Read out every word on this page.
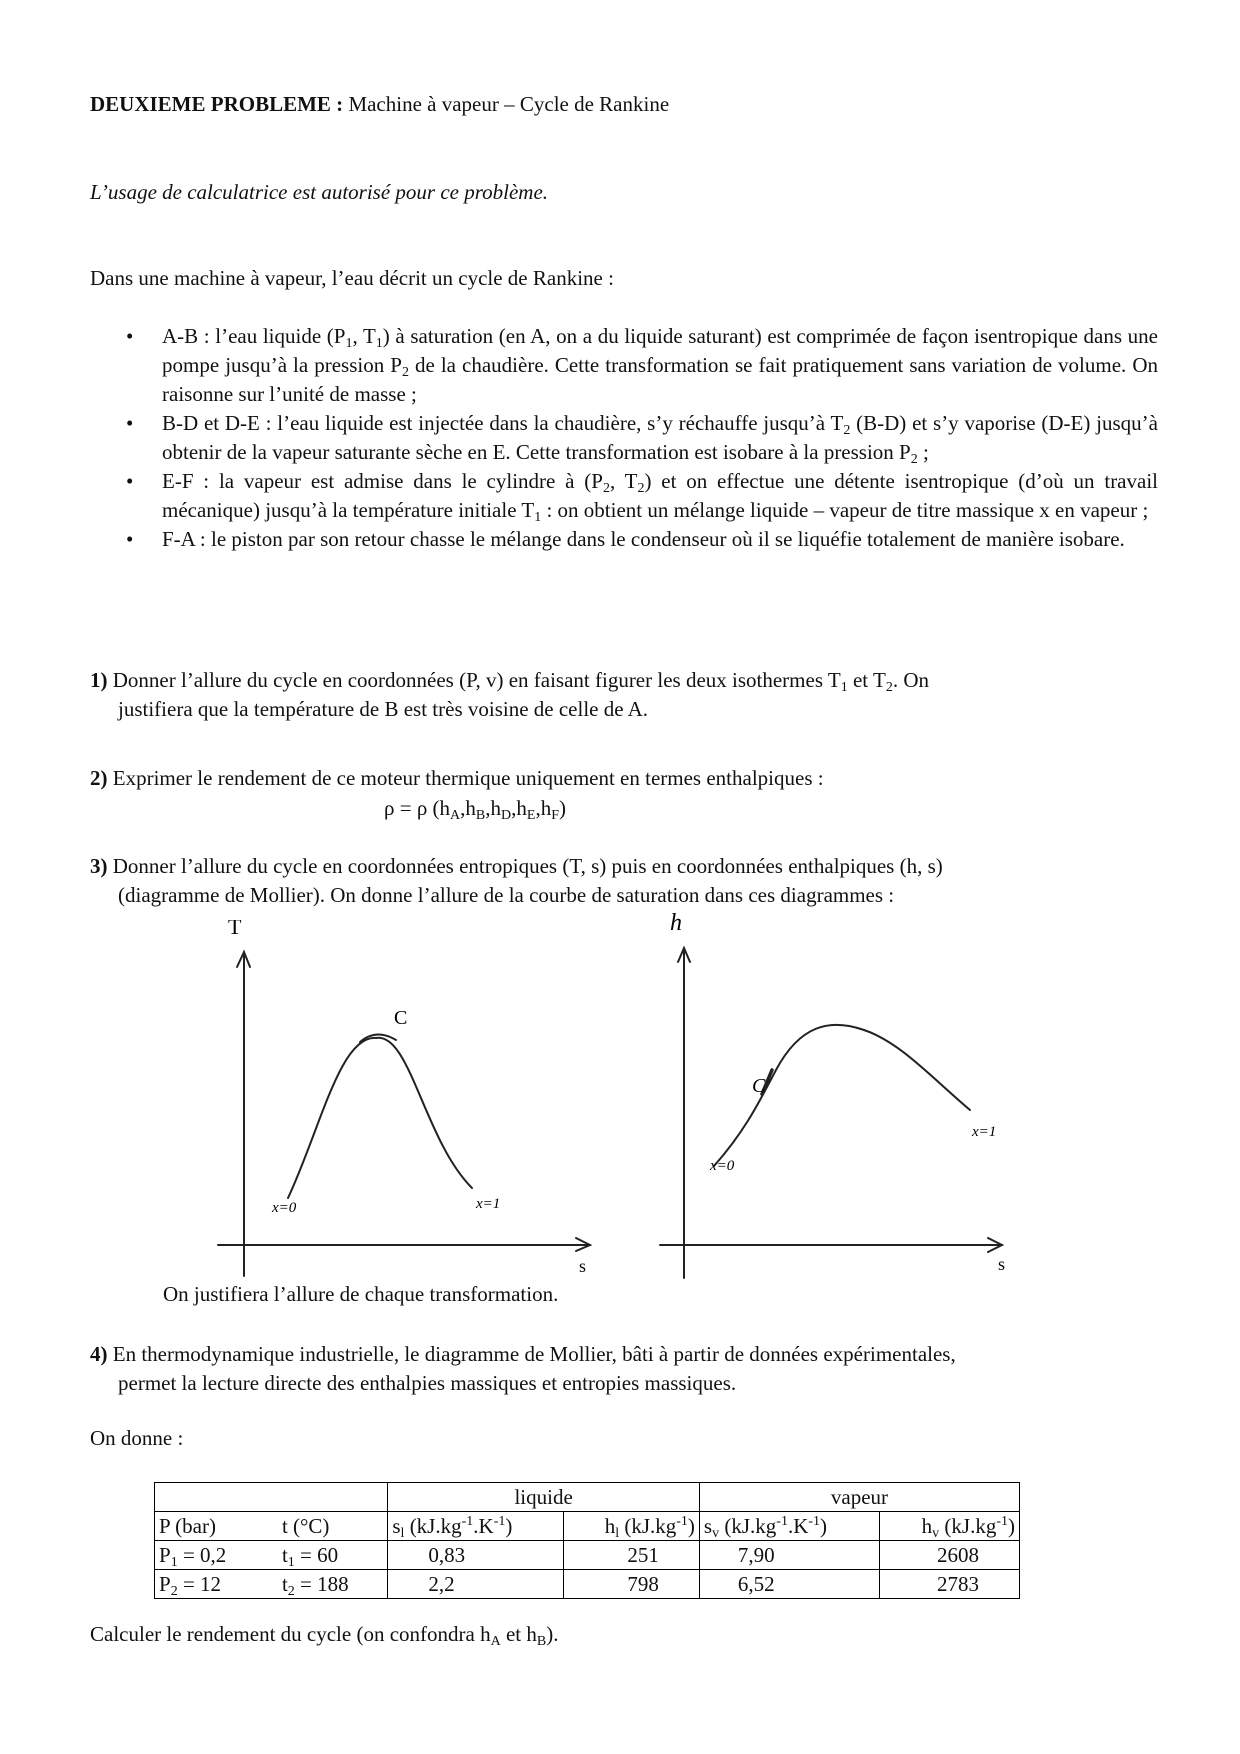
DEUXIEME PROBLEME : Machine à vapeur – Cycle de Rankine
L’usage de calculatrice est autorisé pour ce problème.
Dans une machine à vapeur, l’eau décrit un cycle de Rankine :
• A-B : l’eau liquide ($P_1$, $T_1$) à saturation (en A, on a du liquide saturant) est comprimée de façon isentropique dans une pompe jusqu’à la pression $P_2$ de la chaudière. Cette transformation se fait pratiquement sans variation de volume. On raisonne sur l’unité de masse ;
• B-D et D-E : l’eau liquide est injectée dans la chaudière, s’y réchauffe jusqu’à $T_2$ (B-D) et s’y vaporise (D-E) jusqu’à obtenir de la vapeur saturante sèche en E. Cette transformation est isobare à la pression $P_2$ ;
• E-F : la vapeur est admise dans le cylindre à ($P_2$, $T_2$) et on effectue une détente isentropique (d’où un travail mécanique) jusqu’à la température initiale $T_1$ : on obtient un mélange liquide – vapeur de titre massique x en vapeur ;
• F-A : le piston par son retour chasse le mélange dans le condenseur où il se liquéfie totalement de manière isobare.
1) Donner l’allure du cycle en coordonnées (P, v) en faisant figurer les deux isothermes $T_1$ et $T_2$. On
justifiera que la température de B est très voisine de celle de A.
2) Exprimer le rendement de ce moteur thermique uniquement en termes enthalpiques :
ρ = ρ $(h_A,h_B,h_D,h_E,h_F)$
3) Donner l’allure du cycle en coordonnées entropiques (T, s) puis en coordonnées enthalpiques (h, s)
(diagramme de Mollier). On donne l’allure de la courbe de saturation dans ces diagrammes :
T
s
C
x=0	x=1
h
s
C
x=0
x=1
On justifiera l’allure de chaque transformation.
4) En thermodynamique industrielle, le diagramme de Mollier, bâti à partir de données expérimentales,
permet la lecture directe des enthalpies massiques et entropies massiques.
On donne :
		liquide		vapeur	
P (bar)	t (°C)	$s_l$ $(kJ.kg^{-1}.K^{-1})$	$h_l$ $(kJ.kg^{-1})$	$s_v$ $(kJ.kg^{-1}.K^{-1})$	$h_v$ $(kJ.kg^{-1})$
$P_1 = 0,2$	$t_1 = 60$	0,83	251	7,90	2608
$P_2 = 12$	$t_2 = 188$	2,2	798	6,52	2783
Calculer le rendement du cycle (on confondra $h_A$ et $h_B$).
